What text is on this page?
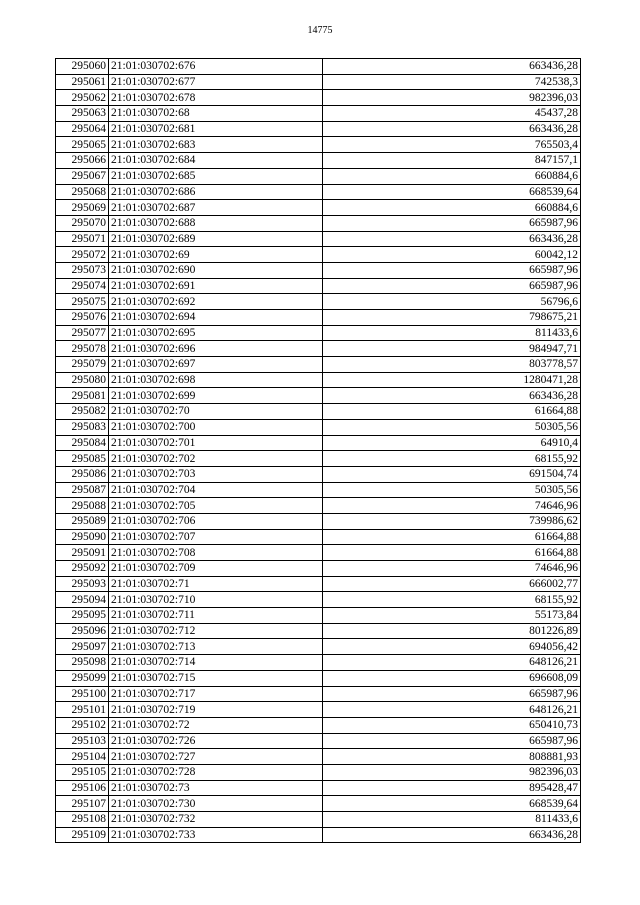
14775
295060	21:01:030702:676	663436,28
295061	21:01:030702:677	742538,3
295062	21:01:030702:678	982396,03
295063	21:01:030702:68	45437,28
295064	21:01:030702:681	663436,28
295065	21:01:030702:683	765503,4
295066	21:01:030702:684	847157,1
295067	21:01:030702:685	660884,6
295068	21:01:030702:686	668539,64
295069	21:01:030702:687	660884,6
295070	21:01:030702:688	665987,96
295071	21:01:030702:689	663436,28
295072	21:01:030702:69	60042,12
295073	21:01:030702:690	665987,96
295074	21:01:030702:691	665987,96
295075	21:01:030702:692	56796,6
295076	21:01:030702:694	798675,21
295077	21:01:030702:695	811433,6
295078	21:01:030702:696	984947,71
295079	21:01:030702:697	803778,57
295080	21:01:030702:698	1280471,28
295081	21:01:030702:699	663436,28
295082	21:01:030702:70	61664,88
295083	21:01:030702:700	50305,56
295084	21:01:030702:701	64910,4
295085	21:01:030702:702	68155,92
295086	21:01:030702:703	691504,74
295087	21:01:030702:704	50305,56
295088	21:01:030702:705	74646,96
295089	21:01:030702:706	739986,62
295090	21:01:030702:707	61664,88
295091	21:01:030702:708	61664,88
295092	21:01:030702:709	74646,96
295093	21:01:030702:71	666002,77
295094	21:01:030702:710	68155,92
295095	21:01:030702:711	55173,84
295096	21:01:030702:712	801226,89
295097	21:01:030702:713	694056,42
295098	21:01:030702:714	648126,21
295099	21:01:030702:715	696608,09
295100	21:01:030702:717	665987,96
295101	21:01:030702:719	648126,21
295102	21:01:030702:72	650410,73
295103	21:01:030702:726	665987,96
295104	21:01:030702:727	808881,93
295105	21:01:030702:728	982396,03
295106	21:01:030702:73	895428,47
295107	21:01:030702:730	668539,64
295108	21:01:030702:732	811433,6
295109	21:01:030702:733	663436,28
